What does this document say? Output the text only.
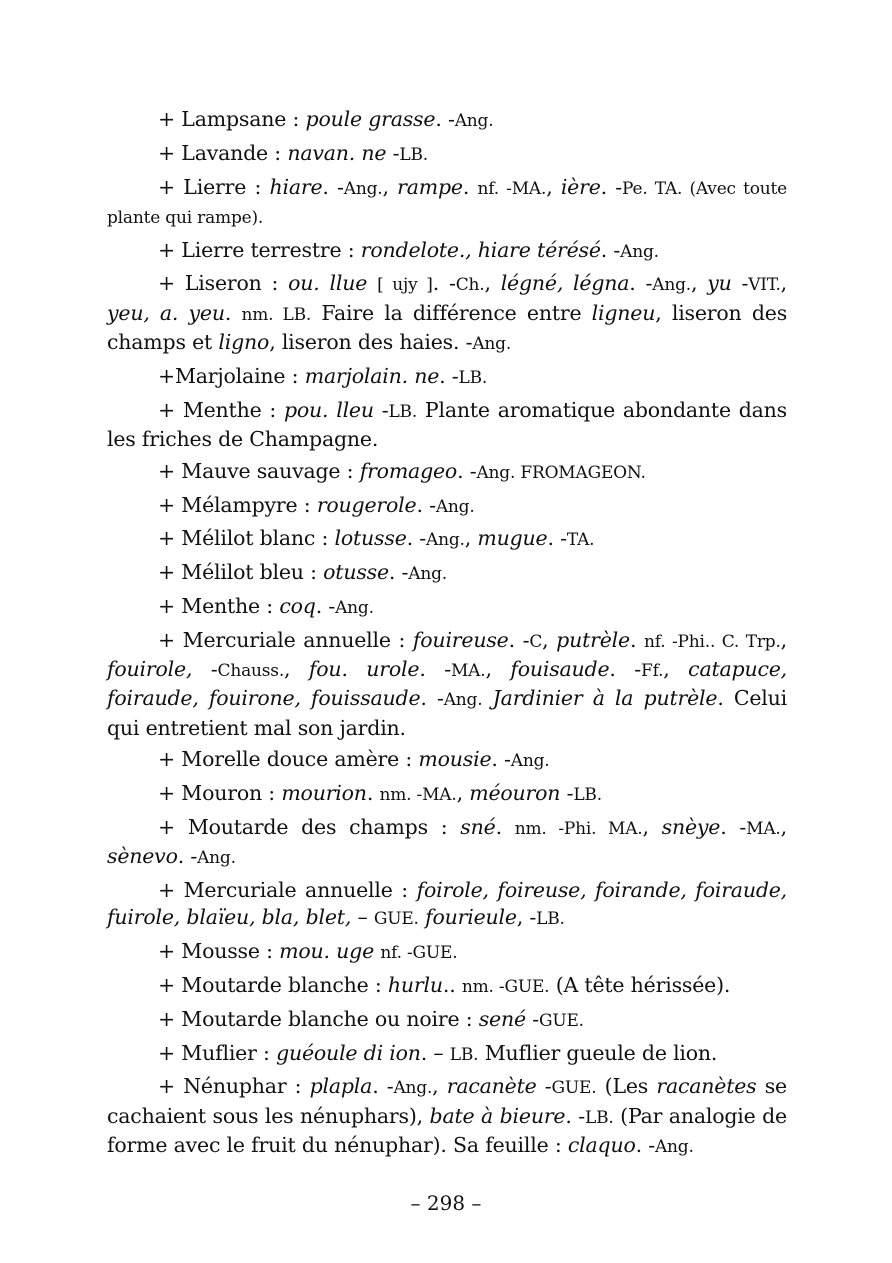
+ Lampsane : poule grasse. -Ang.

+ Lavande : navan. ne -LB.

+ Lierre : hiare. -Ang., rampe. nf. -MA., ière. -Pe. TA. (Avec toute plante qui rampe).

+ Lierre terrestre : rondelote., hiare térésé. -Ang.

+ Liseron : ou. llue [ ujy ]. -Ch., légné, légna. -Ang., yu -VIT., yeu, a. yeu. nm. LB. Faire la différence entre ligneu, liseron des champs et ligno, liseron des haies. -Ang.

+Marjolaine : marjolain. ne. -LB.

+ Menthe : pou. lleu -LB. Plante aromatique abondante dans les friches de Champagne.

+ Mauve sauvage : fromageo. -Ang. FROMAGEON.

+ Mélampyre : rougerole. -Ang.

+ Mélilot blanc : lotusse. -Ang., mugue. -TA.

+ Mélilot bleu : otusse. -Ang.

+ Menthe : coq. -Ang.

+ Mercuriale annuelle : fouireuse. -C, putrèle. nf. -Phi.. C. Trp., fouirole, -Chauss., fou. urole. -MA., fouisaude. -Ff., catapuce, foiraude, fouirone, fouissaude. -Ang. Jardinier à la putrèle. Celui qui entretient mal son jardin.

+ Morelle douce amère : mousie. -Ang.

+ Mouron : mourion. nm. -MA., méouron -LB.

+ Moutarde des champs : sné. nm. -Phi. MA., snèye. -MA., sènevo. -Ang.

+ Mercuriale annuelle : foirole, foireuse, foirande, foiraude, fuirole, blaïeu, bla, blet, – GUE. fourieule, -LB.

+ Mousse : mou. uge nf. -GUE.

+ Moutarde blanche : hurlu.. nm. -GUE. (A tête hérissée).

+ Moutarde blanche ou noire : sené -GUE.

+ Muflier : guéoule di ion. – LB. Muflier gueule de lion.

+ Nénuphar : plapla. -Ang., racanète -GUE. (Les racanètes se cachaient sous les nénuphars), bate à bieure. -LB. (Par analogie de forme avec le fruit du nénuphar). Sa feuille : claquo. -Ang.

– 298 –
